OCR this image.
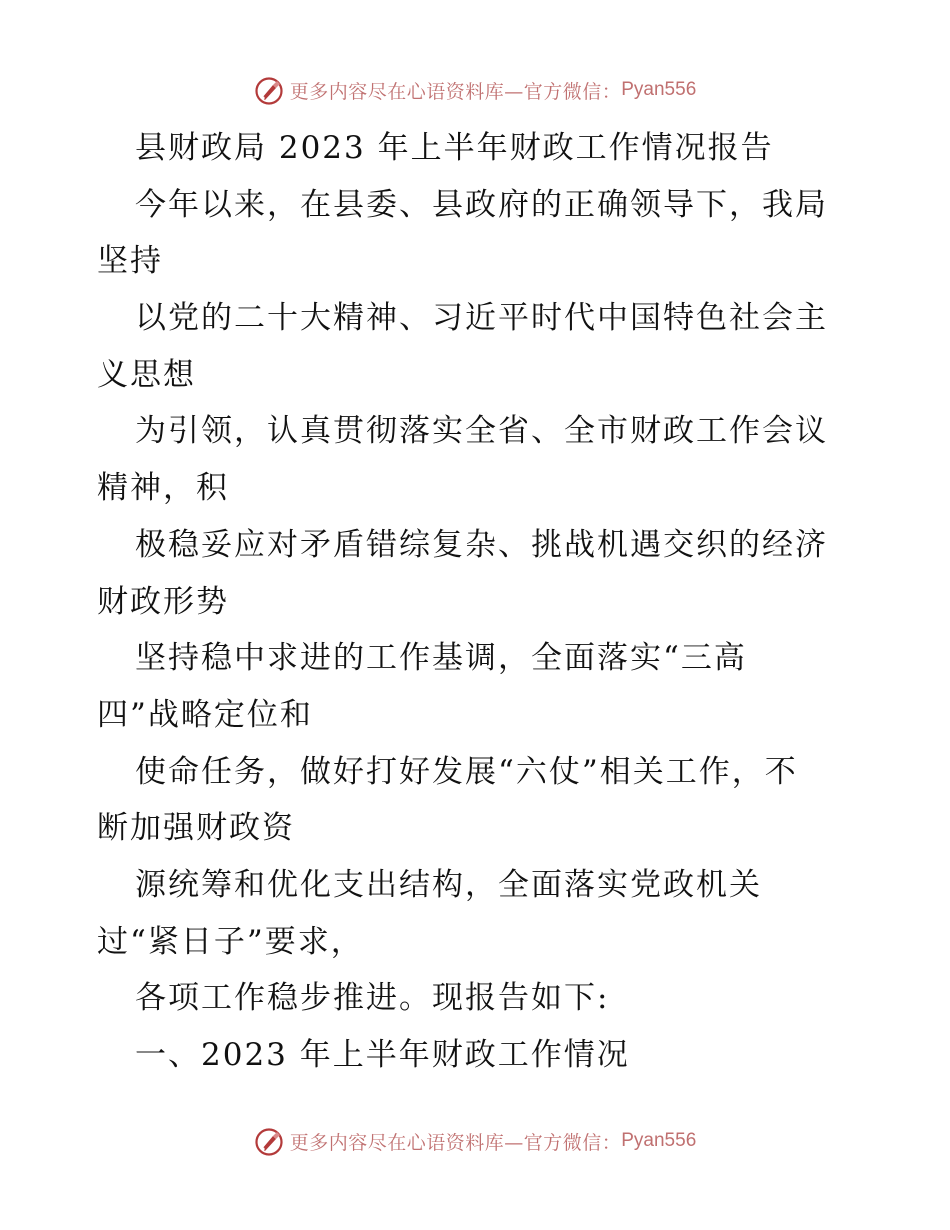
更多内容尽在心语资料库—官方微信： Pyan556

县财政局 2023 年上半年财政工作情况报告

今年以来，在县委、县政府的正确领导下，我局

坚持

以党的二十大精神、习近平时代中国特色社会主

义思想

为引领，认真贯彻落实全省、全市财政工作会议

精神，积

极稳妥应对矛盾错综复杂、挑战机遇交织的经济

财政形势

坚持稳中求进的工作基调，全面落实“三高

四”战略定位和

使命任务，做好打好发展“六仗”相关工作，不

断加强财政资

源统筹和优化支出结构，全面落实党政机关

过“紧日子”要求，

各项工作稳步推进。现报告如下:

一、2023 年上半年财政工作情况

更多内容尽在心语资料库—官方微信： Pyan556
